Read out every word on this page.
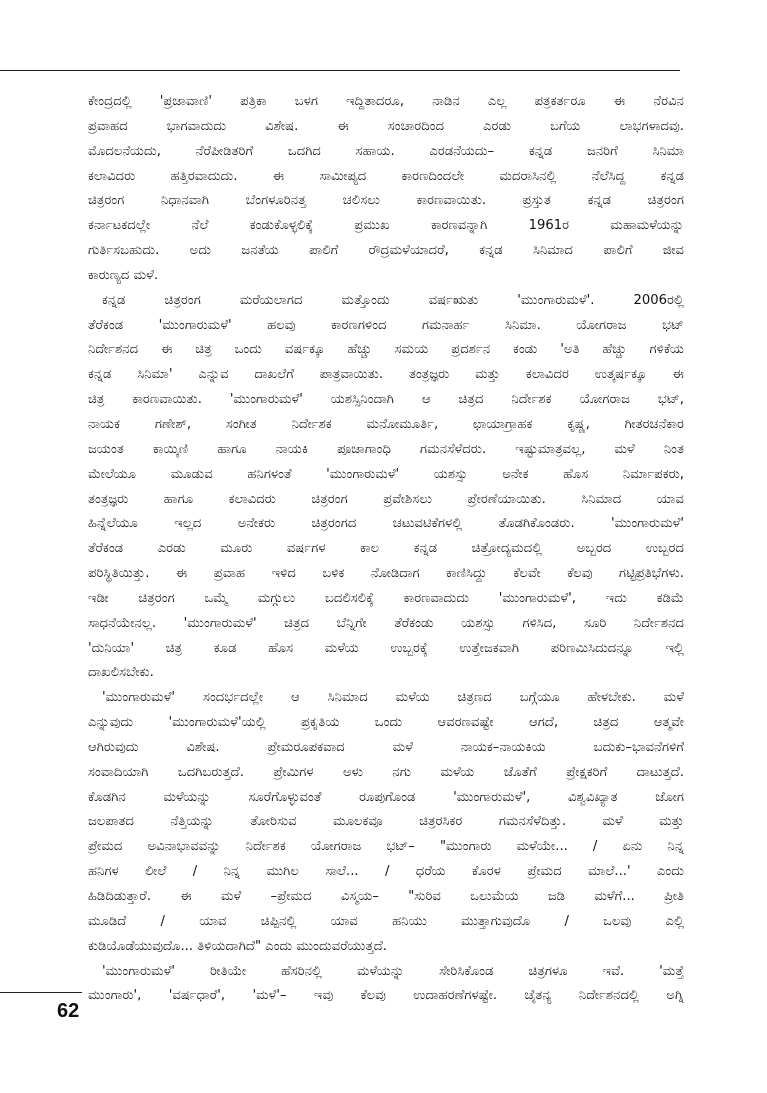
ಕೇಂದ್ರದಲ್ಲಿ 'ಪ್ರಜಾವಾಣಿ' ಪತ್ರಿಕಾ ಬಳಗ ಇದ್ದಿತಾದರೂ, ನಾಡಿನ ಎಲ್ಲ ಪತ್ರಕರ್ತರೂ ಈ ನೆರವಿನ
ಪ್ರವಾಹದ ಭಾಗವಾದುದು ವಿಶೇಷ. ಈ ಸಂಚಾರದಿಂದ ಎರಡು ಬಗೆಯ ಲಾಭಗಳಾದವು.
ಮೊದಲನೆಯದು, ನೆರೆಪೀಡಿತರಿಗೆ ಒದಗಿದ ಸಹಾಯ. ಎರಡನೆಯದು– ಕನ್ನಡ ಜನರಿಗೆ ಸಿನಿಮಾ
ಕಲಾವಿದರು ಹತ್ತಿರವಾದುದು. ಈ ಸಾಮೀಪ್ಯದ ಕಾರಣದಿಂದಲೇ ಮದರಾಸಿನಲ್ಲಿ ನೆಲೆಸಿದ್ದ ಕನ್ನಡ
ಚಿತ್ರರಂಗ ನಿಧಾನವಾಗಿ ಬೆಂಗಳೂರಿನತ್ತ ಚಲಿಸಲು ಕಾರಣವಾಯಿತು. ಪ್ರಸ್ತುತ ಕನ್ನಡ ಚಿತ್ರರಂಗ
ಕರ್ನಾಟಕದಲ್ಲೇ ನೆಲೆ ಕಂಡುಕೊಳ್ಳಲಿಕ್ಕೆ ಪ್ರಮುಖ ಕಾರಣವನ್ನಾಗಿ 1961ರ ಮಹಾಮಳೆಯನ್ನು
ಗುರ್ತಿಸಬಹುದು. ಅದು ಜನತೆಯ ಪಾಲಿಗೆ ರೌದ್ರಮಳೆಯಾದರೆ, ಕನ್ನಡ ಸಿನಿಮಾದ ಪಾಲಿಗೆ ಜೀವ
ಕಾರುಣ್ಯದ ಮಳೆ.

ಕನ್ನಡ ಚಿತ್ರರಂಗ ಮರೆಯಲಾಗದ ಮತ್ತೊಂದು ವರ್ಷಋತು 'ಮುಂಗಾರುಮಳೆ'. 2006ರಲ್ಲಿ
ತೆರೆಕಂಡ 'ಮುಂಗಾರುಮಳೆ' ಹಲವು ಕಾರಣಗಳಿಂದ ಗಮನಾರ್ಹ ಸಿನಿಮಾ. ಯೋಗರಾಜ ಭಟ್
ನಿರ್ದೇಶನದ ಈ ಚಿತ್ರ ಒಂದು ವರ್ಷಕ್ಕೂ ಹೆಚ್ಚು ಸಮಯ ಪ್ರದರ್ಶನ ಕಂಡು 'ಅತಿ ಹೆಚ್ಚು ಗಳಿಕೆಯ
ಕನ್ನಡ ಸಿನಿಮಾ' ಎನ್ನುವ ದಾಖಲೆಗೆ ಪಾತ್ರವಾಯಿತು. ತಂತ್ರಜ್ಞರು ಮತ್ತು ಕಲಾವಿದರ ಉತ್ಕರ್ಷಕ್ಕೂ ಈ
ಚಿತ್ರ ಕಾರಣವಾಯಿತು. 'ಮುಂಗಾರುಮಳೆ' ಯಶಸ್ಸಿನಿಂದಾಗಿ ಆ ಚಿತ್ರದ ನಿರ್ದೇಶಕ ಯೋಗರಾಜ ಭಟ್,
ನಾಯಕ ಗಣೇಶ್, ಸಂಗೀತ ನಿರ್ದೇಶಕ ಮನೋಮೂರ್ತಿ, ಛಾಯಾಗ್ರಾಹಕ ಕೃಷ್ಣ, ಗೀತರಚನೆಕಾರ
ಜಯಂತ ಕಾಯ್ಕಿಣಿ ಹಾಗೂ ನಾಯಕಿ ಪೂಜಾಗಾಂಧಿ ಗಮನಸೆಳೆದರು. ಇಷ್ಟುಮಾತ್ರವಲ್ಲ, ಮಳೆ ನಿಂತ
ಮೇಲೆಯೂ ಮೂಡುವ ಹನಿಗಳಂತೆ 'ಮುಂಗಾರುಮಳೆ' ಯಶಸ್ಸು ಅನೇಕ ಹೊಸ ನಿರ್ಮಾಪಕರು,
ತಂತ್ರಜ್ಞರು ಹಾಗೂ ಕಲಾವಿದರು ಚಿತ್ರರಂಗ ಪ್ರವೇಶಿಸಲು ಪ್ರೇರಣೆಯಾಯಿತು. ಸಿನಿಮಾದ ಯಾವ
ಹಿನ್ನೆಲೆಯೂ ಇಲ್ಲದ ಅನೇಕರು ಚಿತ್ರರಂಗದ ಚಟುವಟಿಕೆಗಳಲ್ಲಿ ತೊಡಗಿಕೊಂಡರು. 'ಮುಂಗಾರುಮಳೆ'
ತೆರೆಕಂಡ ಎರಡು ಮೂರು ವರ್ಷಗಳ ಕಾಲ ಕನ್ನಡ ಚಿತ್ರೋದ್ಯಮದಲ್ಲಿ ಅಬ್ಬರದ ಉಬ್ಬರದ
ಪರಿಸ್ಥಿತಿಯಿತ್ತು. ಈ ಪ್ರವಾಹ ಇಳಿದ ಬಳಿಕ ನೋಡಿದಾಗ ಕಾಣಿಸಿದ್ದು ಕೆಲವೇ ಕೆಲವು ಗಟ್ಟಿಪ್ರತಿಭೆಗಳು.
ಇಡೀ ಚಿತ್ರರಂಗ ಒಮ್ಮೆ ಮಗ್ಗುಲು ಬದಲಿಸಲಿಕ್ಕೆ ಕಾರಣವಾದುದು 'ಮುಂಗಾರುಮಳೆ', ಇದು ಕಡಿಮೆ
ಸಾಧನೆಯೇನಲ್ಲ. 'ಮುಂಗಾರುಮಳೆ' ಚಿತ್ರದ ಬೆನ್ನಿಗೇ ತೆರೆಕಂಡು ಯಶಸ್ಸು ಗಳಿಸಿದ, ಸೂರಿ ನಿರ್ದೇಶನದ
'ದುನಿಯಾ' ಚಿತ್ರ ಕೂಡ ಹೊಸ ಮಳೆಯ ಉಬ್ಬರಕ್ಕೆ ಉತ್ತೇಜಕವಾಗಿ ಪರಿಣಮಿಸಿದುದನ್ನೂ ಇಲ್ಲಿ
ದಾಖಲಿಸಬೇಕು.

'ಮುಂಗಾರುಮಳೆ' ಸಂದರ್ಭದಲ್ಲೇ ಆ ಸಿನಿಮಾದ ಮಳೆಯ ಚಿತ್ರಣದ ಬಗ್ಗೆಯೂ ಹೇಳಬೇಕು. ಮಳೆ
ಎನ್ನುವುದು 'ಮುಂಗಾರುಮಳೆ'ಯಲ್ಲಿ ಪ್ರಕೃತಿಯ ಒಂದು ಆವರಣವಷ್ಟೇ ಆಗದೆ, ಚಿತ್ರದ ಆತ್ಮವೇ
ಆಗಿರುವುದು ವಿಶೇಷ. ಪ್ರೇಮರೂಪಕವಾದ ಮಳೆ ನಾಯಕ–ನಾಯಕಿಯ ಬದುಕು–ಭಾವನೆಗಳಿಗೆ
ಸಂವಾದಿಯಾಗಿ ಒದಗಿಬರುತ್ತದೆ. ಪ್ರೇಮಿಗಳ ಅಳು ನಗು ಮಳೆಯ ಜೊತೆಗೆ ಪ್ರೇಕ್ಷಕರಿಗೆ ದಾಟುತ್ತದೆ.
ಕೊಡಗಿನ ಮಳೆಯನ್ನು ಸೂರೆಗೊಳ್ಳುವಂತೆ ರೂಪುಗೊಂಡ 'ಮುಂಗಾರುಮಳೆ', ವಿಶ್ವವಿಖ್ಯಾತ ಜೋಗ
ಜಲಪಾತದ ನೆತ್ತಿಯನ್ನು ತೋರಿಸುವ ಮೂಲಕವೂ ಚಿತ್ರರಸಿಕರ ಗಮನಸೆಳೆದಿತ್ತು. ಮಳೆ ಮತ್ತು
ಪ್ರೇಮದ ಅವಿನಾಭಾವವನ್ನು ನಿರ್ದೇಶಕ ಯೋಗರಾಜ ಭಟ್– "ಮುಂಗಾರು ಮಳೆಯೇ... / ಏನು ನಿನ್ನ
ಹನಿಗಳ ಲೀಲೆ / ನಿನ್ನ ಮುಗಿಲ ಸಾಲೆ... / ಧರೆಯ ಕೊರಳ ಪ್ರೇಮದ ಮಾಲೆ...' ಎಂದು
ಹಿಡಿದಿಡುತ್ತಾರೆ. ಈ ಮಳೆ –ಪ್ರೇಮದ ವಿಸ್ಮಯ– "ಸುರಿವ ಒಲುಮೆಯ ಜಡಿ ಮಳೆಗೆ... ಪ್ರೀತಿ
ಮೂಡಿದೆ / ಯಾವ ಚಿಪ್ಪಿನಲ್ಲಿ ಯಾವ ಹನಿಯು ಮುತ್ತಾಗುವುದೊ / ಒಲವು ಎಲ್ಲಿ
ಕುಡಿಯೊಡೆಯುವುದೊ... ತಿಳಿಯದಾಗಿದೆ" ಎಂದು ಮುಂದುವರೆಯುತ್ತದೆ.

'ಮುಂಗಾರುಮಳೆ' ರೀತಿಯೇ ಹೆಸರಿನಲ್ಲಿ ಮಳೆಯನ್ನು ಸೇರಿಸಿಕೊಂಡ ಚಿತ್ರಗಳೂ ಇವೆ. 'ಮತ್ತೆ
ಮುಂಗಾರು', 'ವರ್ಷಧಾರೆ', 'ಮಳೆ'– ಇವು ಕೆಲವು ಉದಾಹರಣೆಗಳಷ್ಟೇ. ಚೈತನ್ಯ ನಿರ್ದೇಶನದಲ್ಲಿ ಅಗ್ನಿ

62
